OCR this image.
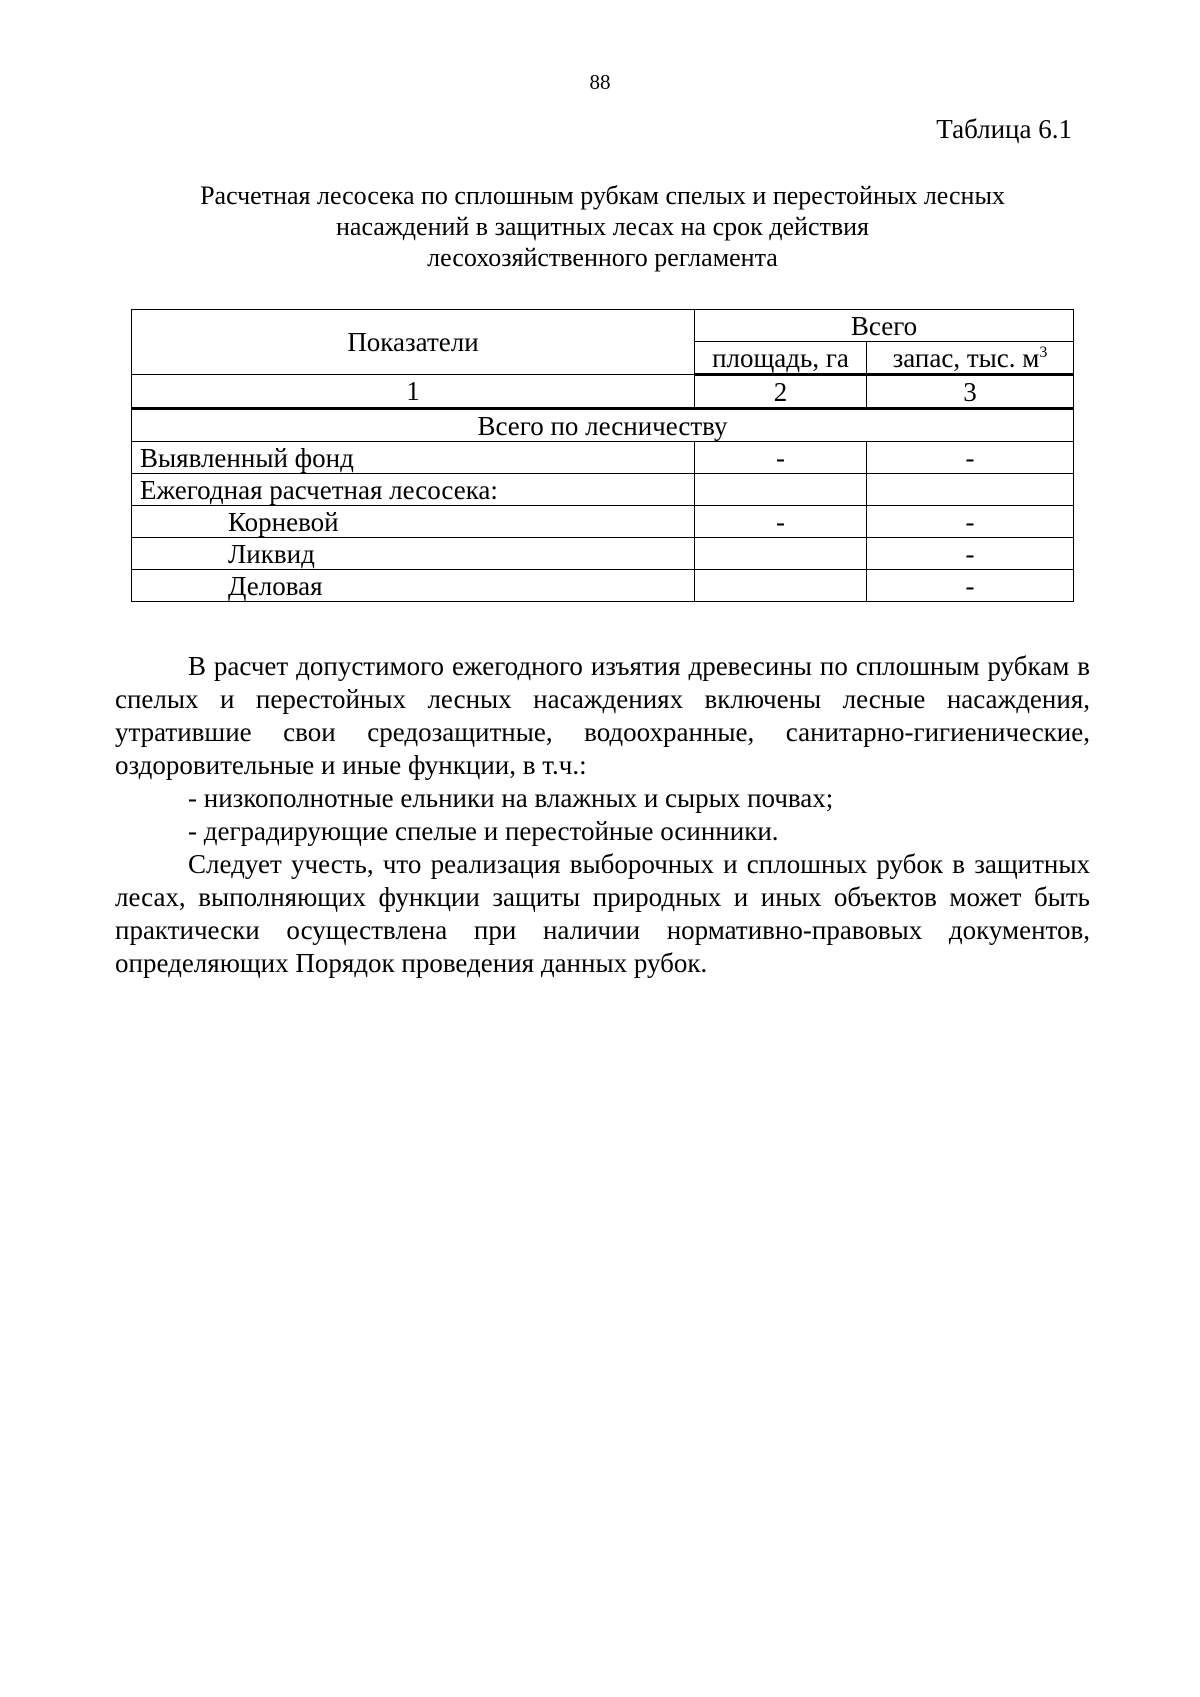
88
Таблица 6.1
Расчетная лесосека по сплошным рубкам спелых и перестойных лесных
насаждений в защитных лесах на срок действия
лесохозяйственного регламента
Показатели	Всего	
	площадь, га	запас, тыс. $м^3$
1	2	3
Всего по лесничеству		
Выявленный фонд	-	-
Ежегодная расчетная лесосека:		
Корневой	-	-
Ликвид		-
Деловая		-

В расчет допустимого ежегодного изъятия древесины по сплошным рубкам в спелых и перестойных лесных насаждениях включены лесные насаждения, утратившие свои средозащитные, водоохранные, санитарно-гигиенические, оздоровительные и иные функции, в т.ч.:

- низкополнотные ельники на влажных и сырых почвах;

- деградирующие спелые и перестойные осинники.

Следует учесть, что реализация выборочных и сплошных рубок в защитных лесах, выполняющих функции защиты природных и иных объектов может быть практически осуществлена при наличии нормативно-правовых документов, определяющих Порядок проведения данных рубок.
